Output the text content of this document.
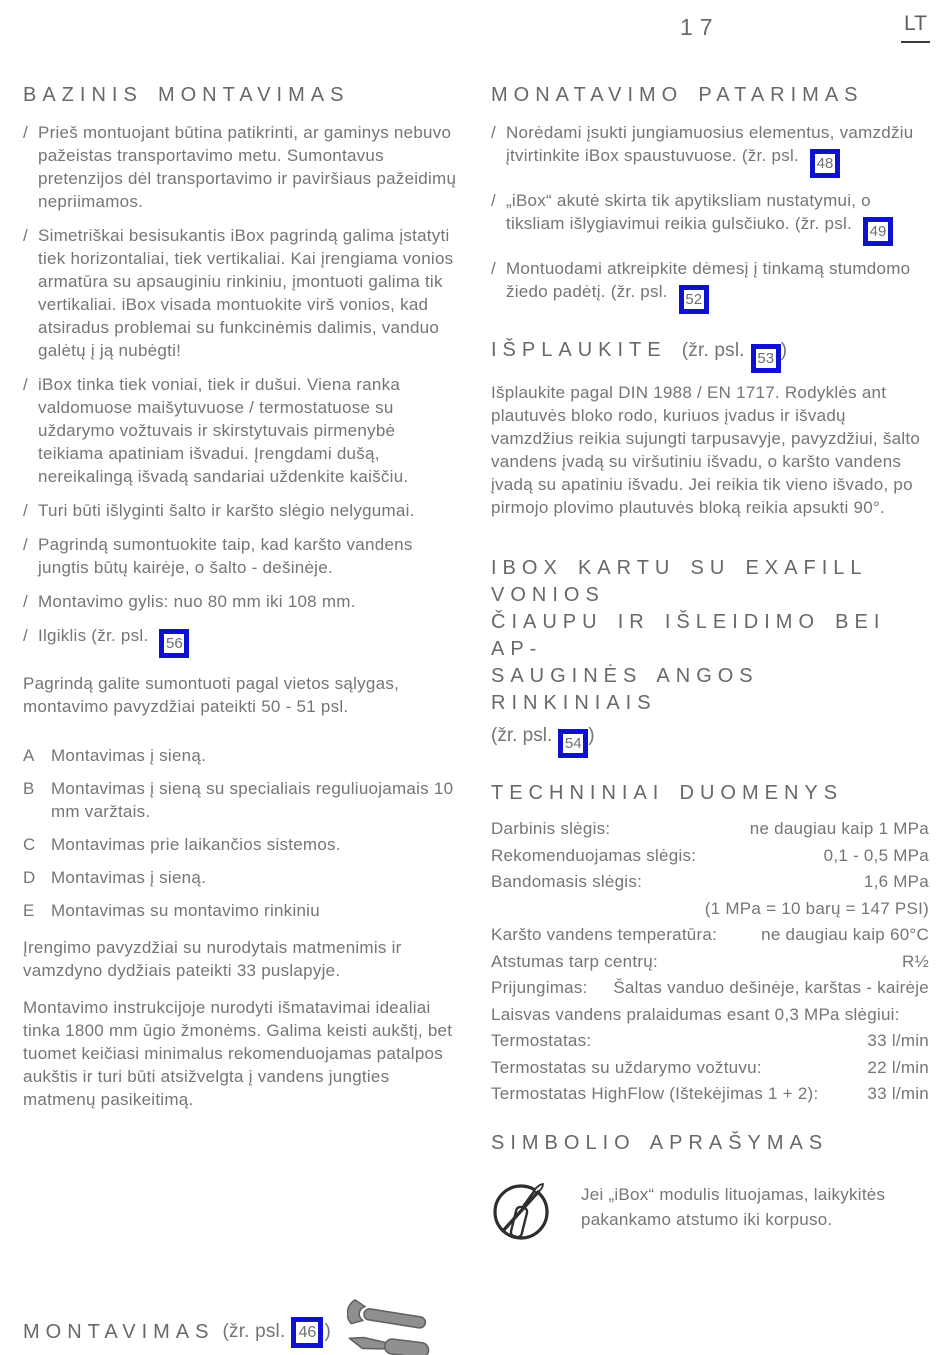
17	LT
BAZINIS MONTAVIMAS
/ Prieš montuojant būtina patikrinti, ar gaminys nebuvo pažeistas transportavimo metu. Sumontavus pretenzijos dėl transportavimo ir paviršiaus pažeidimų nepriimamos.
/ Simetriškai besisukantis iBox pagrindą galima įstatyti tiek horizontaliai, tiek vertikaliai. Kai įrengiama vonios armatūra su apsauginiu rinkiniu, įmontuoti galima tik vertikaliai. iBox visada montuokite virš vonios, kad atsiradus problemai su funkcinėmis dalimis, vanduo galėtų į ją nubėgti!
/ iBox tinka tiek voniai, tiek ir dušui. Viena ranka valdomuose maišytuvuose / termostatuose su uždarymo vožtuvais ir skirstytuvais pirmenybė teikiama apatiniam išvadui. Įrengdami dušą, nereikalingą išvadą sandariai uždenkite kaiščiu.
/ Turi būti išlyginti šalto ir karšto slėgio nelygumai.
/ Pagrindą sumontuokite taip, kad karšto vandens jungtis būtų kairėje, o šalto - dešinėje.
/ Montavimo gylis: nuo 80 mm iki 108 mm.
/ Ilgiklis (žr. psl. 56

Pagrindą galite sumontuoti pagal vietos sąlygas, montavimo pavyzdžiai pateikti 50 - 51 psl.

A Montavimas į sieną.
B Montavimas į sieną su specialiais reguliuojamais 10 mm varžtais.
C Montavimas prie laikančios sistemos.
D Montavimas į sieną.
E Montavimas su montavimo rinkiniu

Įrengimo pavyzdžiai su nurodytais matmenimis ir vamzdyno dydžiais pateikti 33 puslapyje.

Montavimo instrukcijoje nurodyti išmatavimai idealiai tinka 1800 mm ūgio žmonėms. Galima keisti aukštį, bet tuomet keičiasi minimalus rekomenduojamas patalpos aukštis ir turi būti atsižvelgta į vandens jungties matmenų pasikeitimą.

MONATAVIMO PATARIMAS
/ Norėdami įsukti jungiamuosius elementus, vamzdžiu įtvirtinkite iBox spaustuvuose. (žr. psl. 48
/ „iBox“ akutė skirta tik apytiksliam nustatymui, o tiksliam išlygiavimui reikia gulsčiuko. (žr. psl. 49
/ Montuodami atkreipkite dėmesį į tinkamą stumdomo žiedo padėtį. (žr. psl. 52
IŠPLAUKITE (žr. psl. 53 )

Išplaukite pagal DIN 1988 / EN 1717. Rodyklės ant plautuvės bloko rodo, kuriuos įvadus ir išvadų vamzdžius reikia sujungti tarpusavyje, pavyzdžiui, šalto vandens įvadą su viršutiniu išvadu, o karšto vandens įvadą su apatiniu išvadu. Jei reikia tik vieno išvado, po pirmojo plovimo plautuvės bloką reikia apsukti 90°.

IBOX KARTU SU EXAFILL VONIOS
ČIAUPU IR IŠLEIDIMO BEI AP-
SAUGINĖS ANGOS RINKINIAIS
(žr. psl. 54 )
TECHNINIAI DUOMENYS
Darbinis slėgis:	ne daugiau kaip 1 MPa
Rekomenduojamas slėgis:	0,1 - 0,5 MPa
Bandomasis slėgis:	1,6 MPa
(1 MPa = 10 barų = 147 PSI)
Karšto vandens temperatūra:	ne daugiau kaip 60°C
Atstumas tarp centrų:	R½
Prijungimas:	Šaltas vanduo dešinėje, karštas - kairėje
Laisvas vandens pralaidumas esant 0,3 MPa slėgiui:
Termostatas:	33 l/min
Termostatas su uždarymo vožtuvu:	22 l/min
Termostatas HighFlow (Ištekėjimas 1 + 2):	33 l/min
SIMBOLIO APRAŠYMAS
Jei „iBox“ modulis lituojamas, laikykitės pakankamo atstumo iki korpuso.
MONTAVIMAS (žr. psl. 46 )
